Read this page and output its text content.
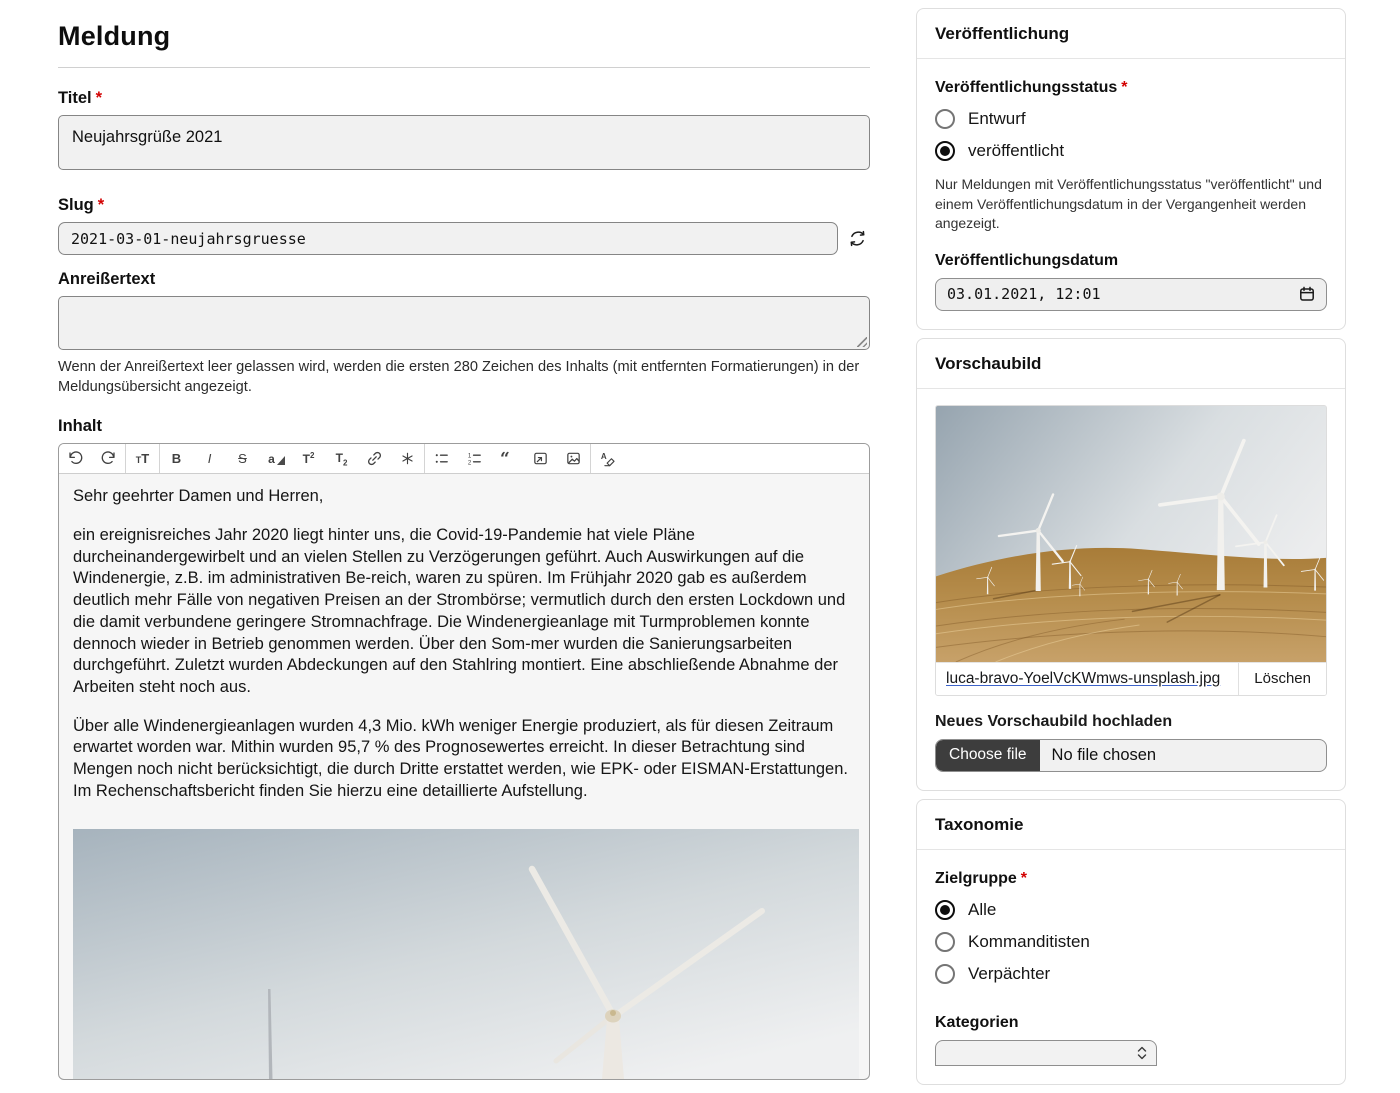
Meldung
Titel *
Neujahrsgrüße 2021
Slug *
2021-03-01-neujahrsgruesse
Anreißertext

Wenn der Anreißertext leer gelassen wird, werden die ersten 280 Zeichen des Inhalts (mit entfernten Formatierungen) in der Meldungsübersicht angezeigt.

Inhalt
TT B I S a	$T^2$ $T_2$
1
2 “	A

Sehr geehrter Damen und Herren,

ein ereignisreiches Jahr 2020 liegt hinter uns, die Covid-19-Pandemie hat viele Pläne durcheinandergewirbelt und an vielen Stellen zu Verzögerungen geführt. Auch Auswirkungen auf die Windenergie, z.B. im administrativen Be-reich, waren zu spüren. Im Frühjahr 2020 gab es außerdem deutlich mehr Fälle von negativen Preisen an der Strombörse; vermutlich durch den ersten Lockdown und die damit verbundene geringere Stromnachfrage. Die Windenergieanlage mit Turmproblemen konnte dennoch wieder in Betrieb genommen werden. Über den Som-mer wurden die Sanierungsarbeiten durchgeführt. Zuletzt wurden Abdeckungen auf den Stahlring montiert. Eine abschließende Abnahme der Arbeiten steht noch aus.

Über alle Windenergieanlagen wurden 4,3 Mio. kWh weniger Energie produziert, als für diesen Zeitraum erwartet worden war. Mithin wurden 95,7 % des Prognosewertes erreicht. In dieser Betrachtung sind Mengen noch nicht berücksichtigt, die durch Dritte erstattet werden, wie EPK- oder EISMAN-Erstattungen. Im Rechenschaftsbericht finden Sie hierzu eine detaillierte Aufstellung.

Veröffentlichung
Veröffentlichungsstatus *
Entwurf
veröffentlicht

Nur Meldungen mit Veröffentlichungsstatus "veröffentlicht" und einem Veröffentlichungsdatum in der Vergangenheit werden angezeigt.

Veröffentlichungsdatum
03.01.2021, 12:01
Vorschaubild
luca-bravo-YoelVcKWmws-unsplash.jpg	Löschen
Neues Vorschaubild hochladen
Choose file	No file chosen
Taxonomie
Zielgruppe *
Alle
Kommanditisten
Verpächter
Kategorien
